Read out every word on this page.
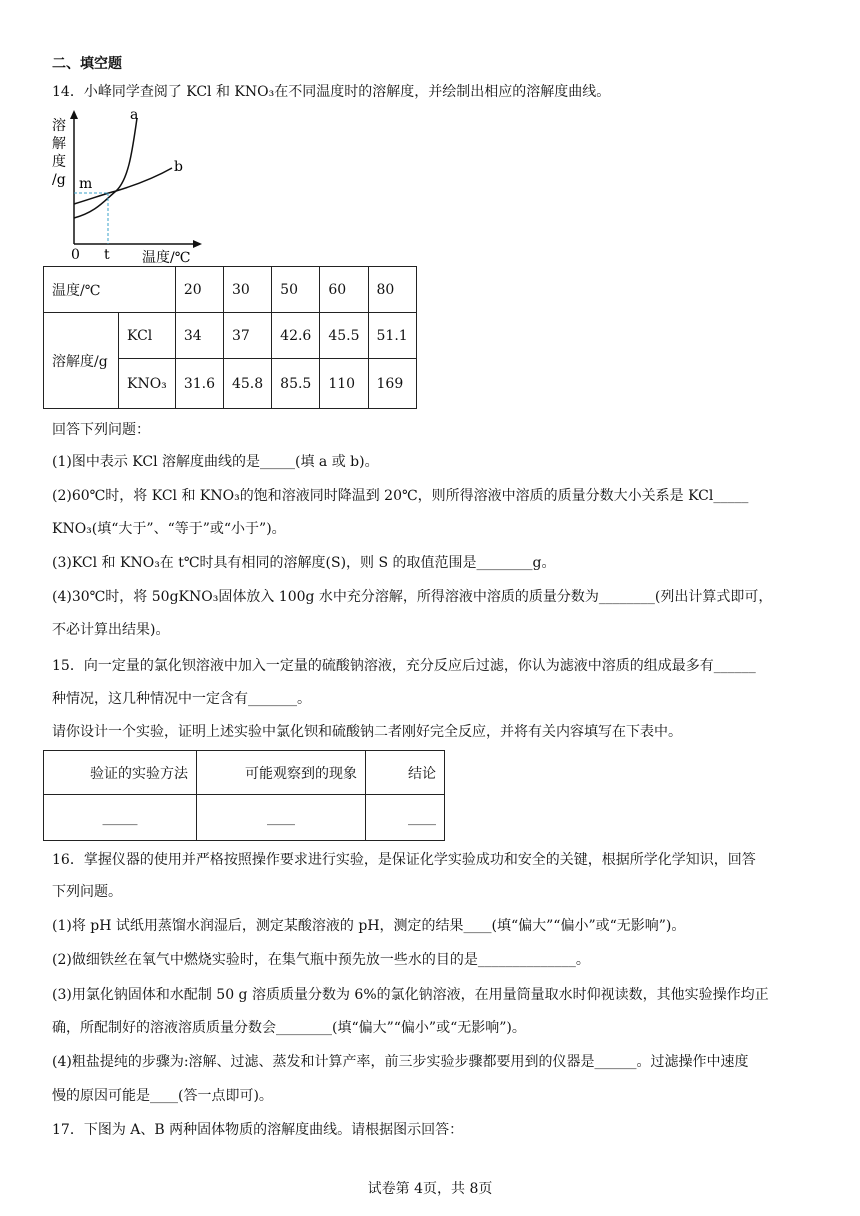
二、填空题
14．小峰同学查阅了 KCl 和 KNO₃在不同温度时的溶解度，并绘制出相应的溶解度曲线。
溶
解
度
/g m
a
b
0 t 温度/℃
温度/℃		20	30	50	60	80
溶解度/g	KCl	34	37	42.6	45.5	51.1
	KNO₃	31.6	45.8	85.5	110	169
回答下列问题：
(1)图中表示 KCl 溶解度曲线的是_____(填 a 或 b)。
(2)60℃时，将 KCl 和 KNO₃的饱和溶液同时降温到 20℃，则所得溶液中溶质的质量分数大小关系是 KCl_____
KNO₃(填“大于”、“等于”或“小于”)。
(3)KCl 和 KNO₃在 t℃时具有相同的溶解度(S)，则 S 的取值范围是________g。
(4)30℃时，将 50gKNO₃固体放入 100g 水中充分溶解，所得溶液中溶质的质量分数为________(列出计算式即可，
不必计算出结果)。
15．向一定量的氯化钡溶液中加入一定量的硫酸钠溶液，充分反应后过滤，你认为滤液中溶质的组成最多有______
种情况，这几种情况中一定含有_______。
请你设计一个实验，证明上述实验中氯化钡和硫酸钠二者刚好完全反应，并将有关内容填写在下表中。
验证的实验方法	可能观察到的现象	结论
_____	____	____
16．掌握仪器的使用并严格按照操作要求进行实验，是保证化学实验成功和安全的关键，根据所学化学知识，回答
下列问题。
(1)将 pH 试纸用蒸馏水润湿后，测定某酸溶液的 pH，测定的结果____(填“偏大”“偏小”或“无影响”)。
(2)做细铁丝在氧气中燃烧实验时，在集气瓶中预先放一些水的目的是______________。
(3)用氯化钠固体和水配制 50 g 溶质质量分数为 6%的氯化钠溶液，在用量筒量取水时仰视读数，其他实验操作均正
确，所配制好的溶液溶质质量分数会________(填“偏大”“偏小”或“无影响”)。
(4)粗盐提纯的步骤为:溶解、过滤、蒸发和计算产率，前三步实验步骤都要用到的仪器是______。过滤操作中速度
慢的原因可能是____(答一点即可)。
17．下图为 A、B 两种固体物质的溶解度曲线。请根据图示回答：
试卷第 4页，共 8页
